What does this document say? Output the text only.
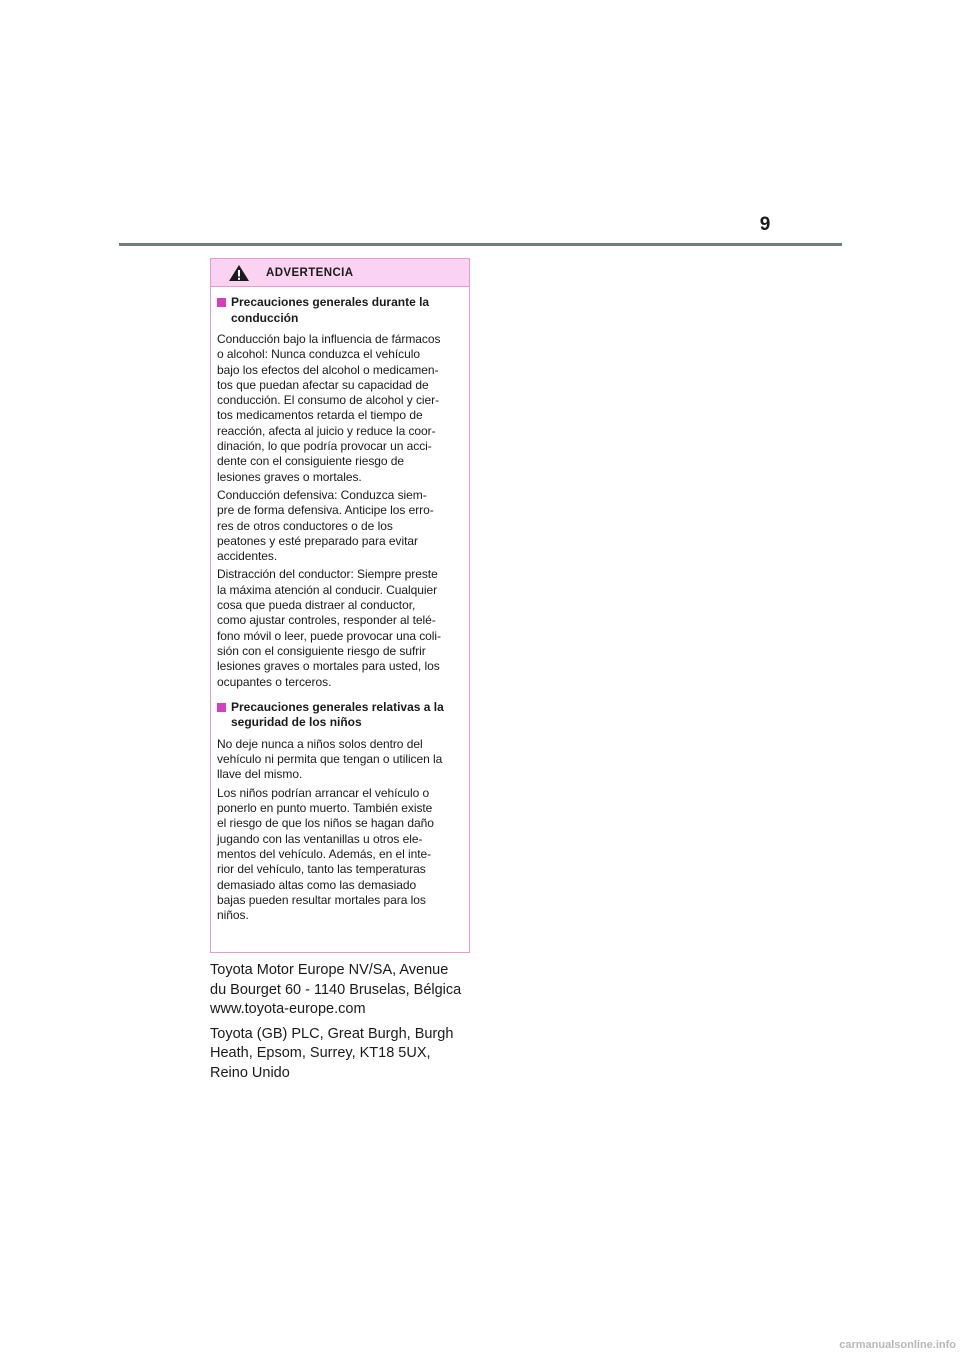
9
ADVERTENCIA
Precauciones generales durante la
conducción

Conducción bajo la influencia de fármacos
o alcohol: Nunca conduzca el vehículo
bajo los efectos del alcohol o medicamen-
tos que puedan afectar su capacidad de
conducción. El consumo de alcohol y cier-
tos medicamentos retarda el tiempo de
reacción, afecta al juicio y reduce la coor-
dinación, lo que podría provocar un acci-
dente con el consiguiente riesgo de
lesiones graves o mortales.

Conducción defensiva: Conduzca siem-
pre de forma defensiva. Anticipe los erro-
res de otros conductores o de los
peatones y esté preparado para evitar
accidentes.

Distracción del conductor: Siempre preste
la máxima atención al conducir. Cualquier
cosa que pueda distraer al conductor,
como ajustar controles, responder al telé-
fono móvil o leer, puede provocar una coli-
sión con el consiguiente riesgo de sufrir
lesiones graves o mortales para usted, los
ocupantes o terceros.

Precauciones generales relativas a la
seguridad de los niños

No deje nunca a niños solos dentro del
vehículo ni permita que tengan o utilicen la
llave del mismo.

Los niños podrían arrancar el vehículo o
ponerlo en punto muerto. También existe
el riesgo de que los niños se hagan daño
jugando con las ventanillas u otros ele-
mentos del vehículo. Además, en el inte-
rior del vehículo, tanto las temperaturas
demasiado altas como las demasiado
bajas pueden resultar mortales para los
niños.

Toyota Motor Europe NV/SA, Avenue
du Bourget 60 - 1140 Bruselas, Bélgica
www.toyota-europe.com

Toyota (GB) PLC, Great Burgh, Burgh
Heath, Epsom, Surrey, KT18 5UX,
Reino Unido

carmanualsonline.info
